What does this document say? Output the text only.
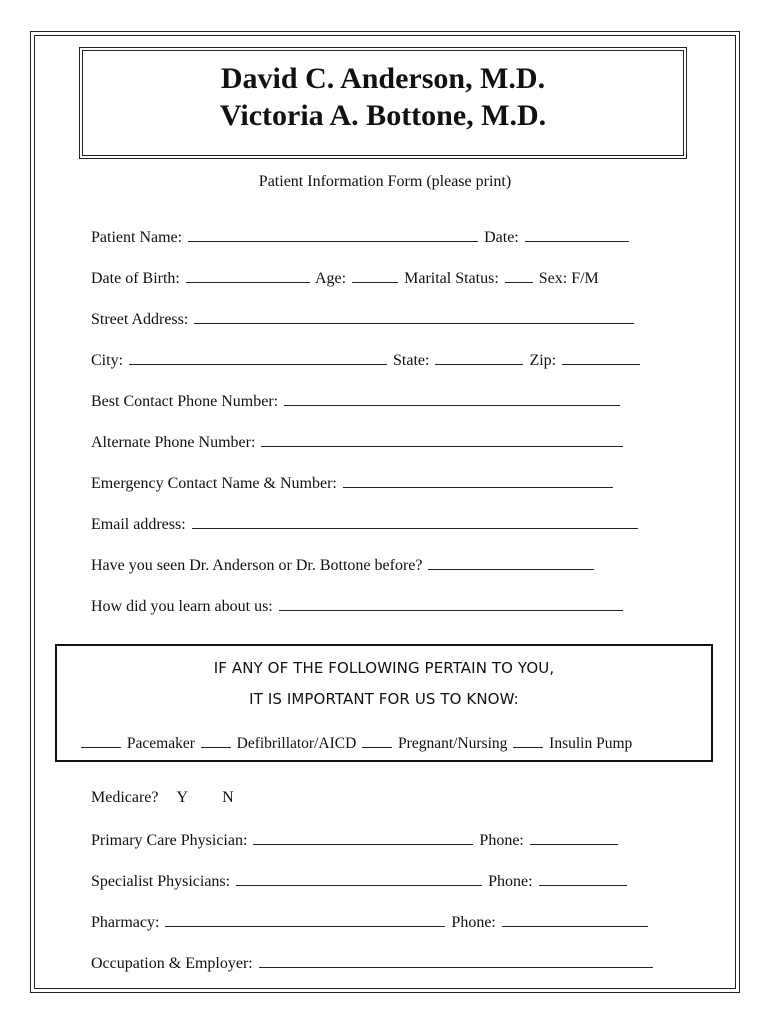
David C. Anderson, M.D.
Victoria A. Bottone, M.D.
Patient Information Form (please print)
Patient Name:	Date:
Date of Birth:	Age:	Marital Status:	Sex: F/M
Street Address:
City:	State:	Zip:
Best Contact Phone Number:
Alternate Phone Number:
Emergency Contact Name & Number:
Email address:
Have you seen Dr. Anderson or Dr. Bottone before?
How did you learn about us:
IF ANY OF THE FOLLOWING PERTAIN TO YOU,
IT IS IMPORTANT FOR US TO KNOW:
Pacemaker	Defibrillator/AICD	Pregnant/Nursing	Insulin Pump
Medicare? Y N
Primary Care Physician:	Phone:
Specialist Physicians:	Phone:
Pharmacy:	Phone:
Occupation & Employer:
